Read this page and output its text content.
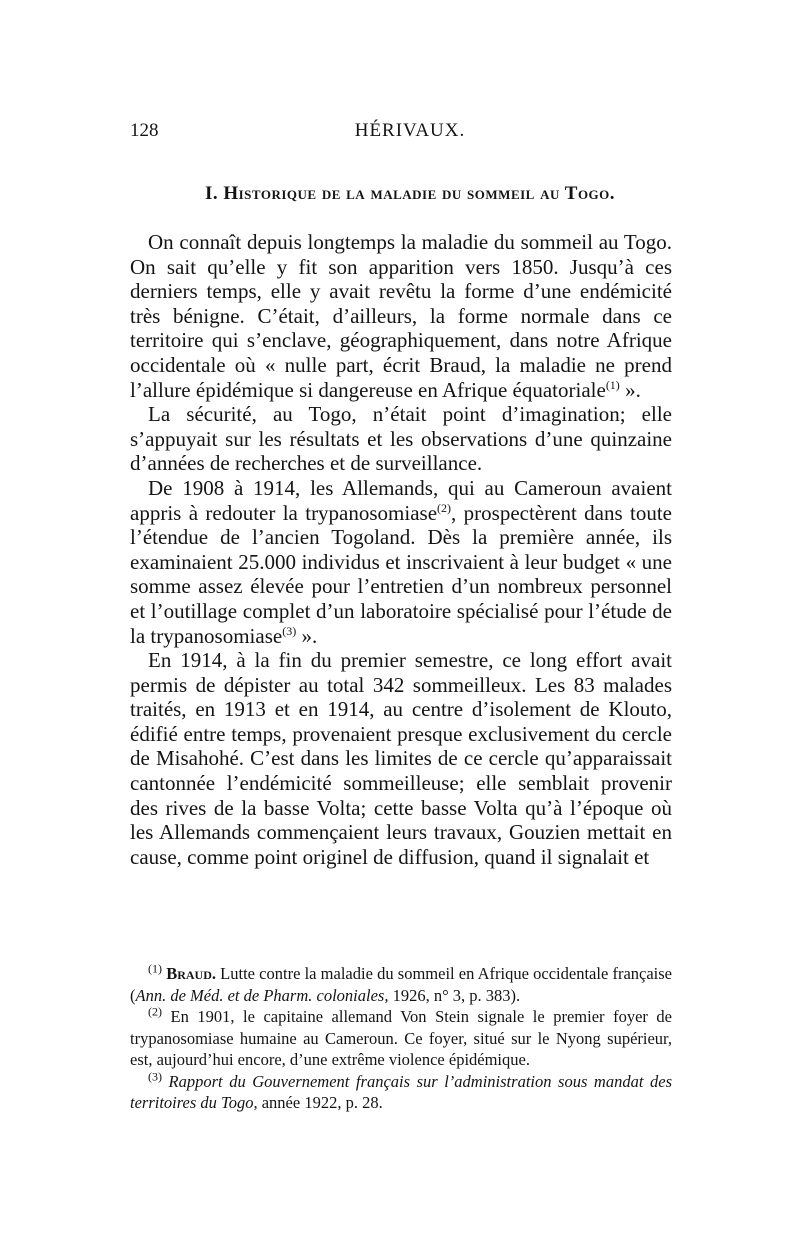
128	HÉRIVAUX.
I. Historique de la maladie du sommeil au Togo.

On connaît depuis longtemps la maladie du sommeil au Togo. On sait qu’elle y fit son apparition vers 1850. Jusqu’à ces derniers temps, elle y avait revêtu la forme d’une endémicité très bénigne. C’était, d’ailleurs, la forme normale dans ce territoire qui s’enclave, géographiquement, dans notre Afrique occidentale où « nulle part, écrit Braud, la maladie ne prend l’allure épidémique si dangereuse en Afrique équatoriale$^{(1)}$ ».

La sécurité, au Togo, n’était point d’imagination; elle s’appuyait sur les résultats et les observations d’une quinzaine d’années de recherches et de surveillance.

De 1908 à 1914, les Allemands, qui au Cameroun avaient appris à redouter la trypanosomiase$^{(2)}$, prospectèrent dans toute l’étendue de l’ancien Togoland. Dès la première année, ils examinaient 25.000 individus et inscrivaient à leur budget « une somme assez élevée pour l’entretien d’un nombreux personnel et l’outillage complet d’un laboratoire spécialisé pour l’étude de la trypanosomiase$^{(3)}$ ».

En 1914, à la fin du premier semestre, ce long effort avait permis de dépister au total 342 sommeilleux. Les 83 malades traités, en 1913 et en 1914, au centre d’isolement de Klouto, édifié entre temps, provenaient presque exclusivement du cercle de Misahohé. C’est dans les limites de ce cercle qu’apparaissait cantonnée l’endémicité sommeilleuse; elle semblait provenir des rives de la basse Volta; cette basse Volta qu’à l’époque où les Allemands commençaient leurs travaux, Gouzien mettait en cause, comme point originel de diffusion, quand il signalait et

$^{(1)}$ Braud. Lutte contre la maladie du sommeil en Afrique occidentale française (Ann. de Méd. et de Pharm. coloniales, 1926, n° 3, p. 383).

$^{(2)}$ En 1901, le capitaine allemand Von Stein signale le premier foyer de trypanosomiase humaine au Cameroun. Ce foyer, situé sur le Nyong supérieur, est, aujourd’hui encore, d’une extrême violence épidémique.

$^{(3)}$ Rapport du Gouvernement français sur l’administration sous mandat des territoires du Togo, année 1922, p. 28.
